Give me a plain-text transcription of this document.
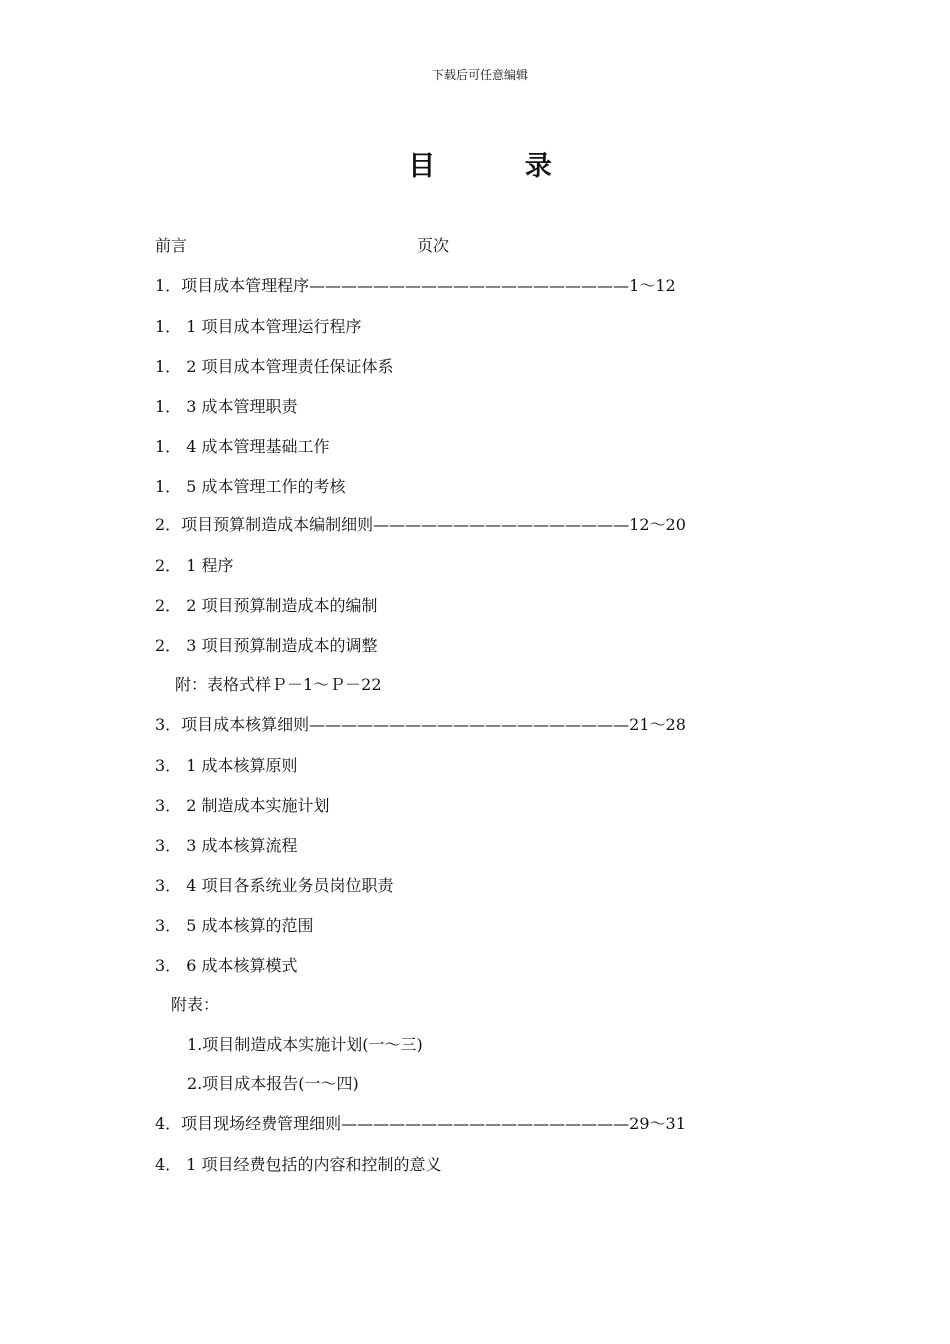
下载后可任意编辑
目 录
前言	页次
1．项目成本管理程序————————————————————1～12
1． 1 项目成本管理运行程序
1． 2 项目成本管理责任保证体系
1． 3 成本管理职责
1． 4 成本管理基础工作
1． 5 成本管理工作的考核
2．项目预算制造成本编制细则————————————————12～20
2． 1 程序
2． 2 项目预算制造成本的编制
2． 3 项目预算制造成本的调整
附：表格式样Ｐ－1～Ｐ－22
3．项目成本核算细则————————————————————21～28
3． 1 成本核算原则
3． 2 制造成本实施计划
3． 3 成本核算流程
3． 4 项目各系统业务员岗位职责
3． 5 成本核算的范围
3． 6 成本核算模式
附表：
1.项目制造成本实施计划(一～三)
2.项目成本报告(一～四)
4．项目现场经费管理细则——————————————————29～31
4． 1 项目经费包括的内容和控制的意义
